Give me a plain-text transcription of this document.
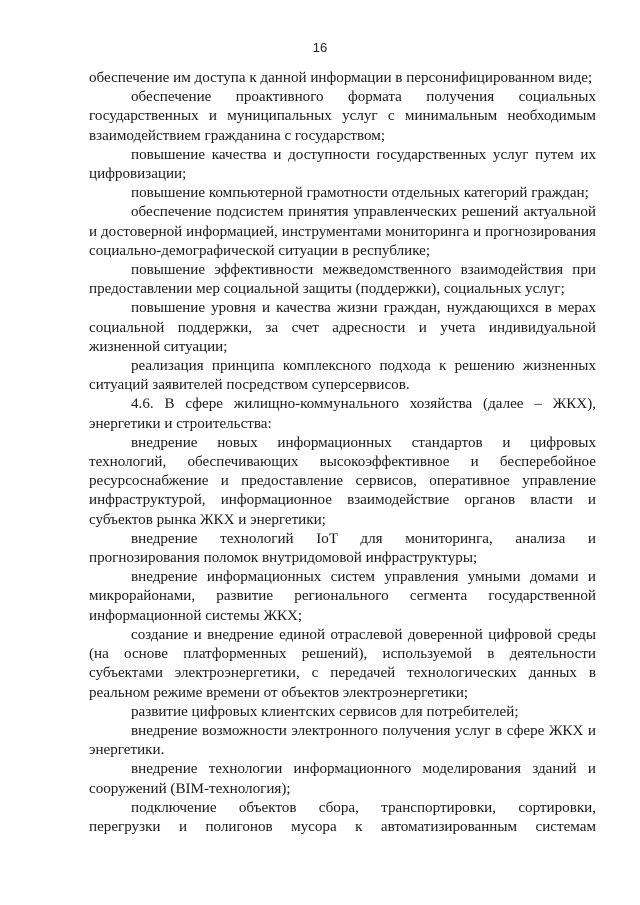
16

обеспечение им доступа к данной информации в персонифицированном виде;

обеспечение проактивного формата получения социальных государственных и муниципальных услуг с минимальным необходимым взаимодействием гражданина с государством;

повышение качества и доступности государственных услуг путем их цифровизации;

повышение компьютерной грамотности отдельных категорий граждан;

обеспечение подсистем принятия управленческих решений актуальной и достоверной информацией, инструментами мониторинга и прогнозирования социально-демографической ситуации в республике;

повышение эффективности межведомственного взаимодействия при предоставлении мер социальной защиты (поддержки), социальных услуг;

повышение уровня и качества жизни граждан, нуждающихся в мерах социальной поддержки, за счет адресности и учета индивидуальной жизненной ситуации;

реализация принципа комплексного подхода к решению жизненных ситуаций заявителей посредством суперсервисов.

4.6. В сфере жилищно-коммунального хозяйства (далее – ЖКХ), энергетики и строительства:

внедрение новых информационных стандартов и цифровых технологий, обеспечивающих высокоэффективное и бесперебойное ресурсоснабжение и предоставление сервисов, оперативное управление инфраструктурой, информационное взаимодействие органов власти и субъектов рынка ЖКХ и энергетики;

внедрение технологий IoT для мониторинга, анализа и прогнозирования поломок внутридомовой инфраструктуры;

внедрение информационных систем управления умными домами и микрорайонами, развитие регионального сегмента государственной информационной системы ЖКХ;

создание и внедрение единой отраслевой доверенной цифровой среды (на основе платформенных решений), используемой в деятельности субъектами электроэнергетики, с передачей технологических данных в реальном режиме времени от объектов электроэнергетики;

развитие цифровых клиентских сервисов для потребителей;

внедрение возможности электронного получения услуг в сфере ЖКХ и энергетики.

внедрение технологии информационного моделирования зданий и сооружений (BIM-технология);

подключение объектов сбора, транспортировки, сортировки, перегрузки и полигонов мусора к автоматизированным системам
